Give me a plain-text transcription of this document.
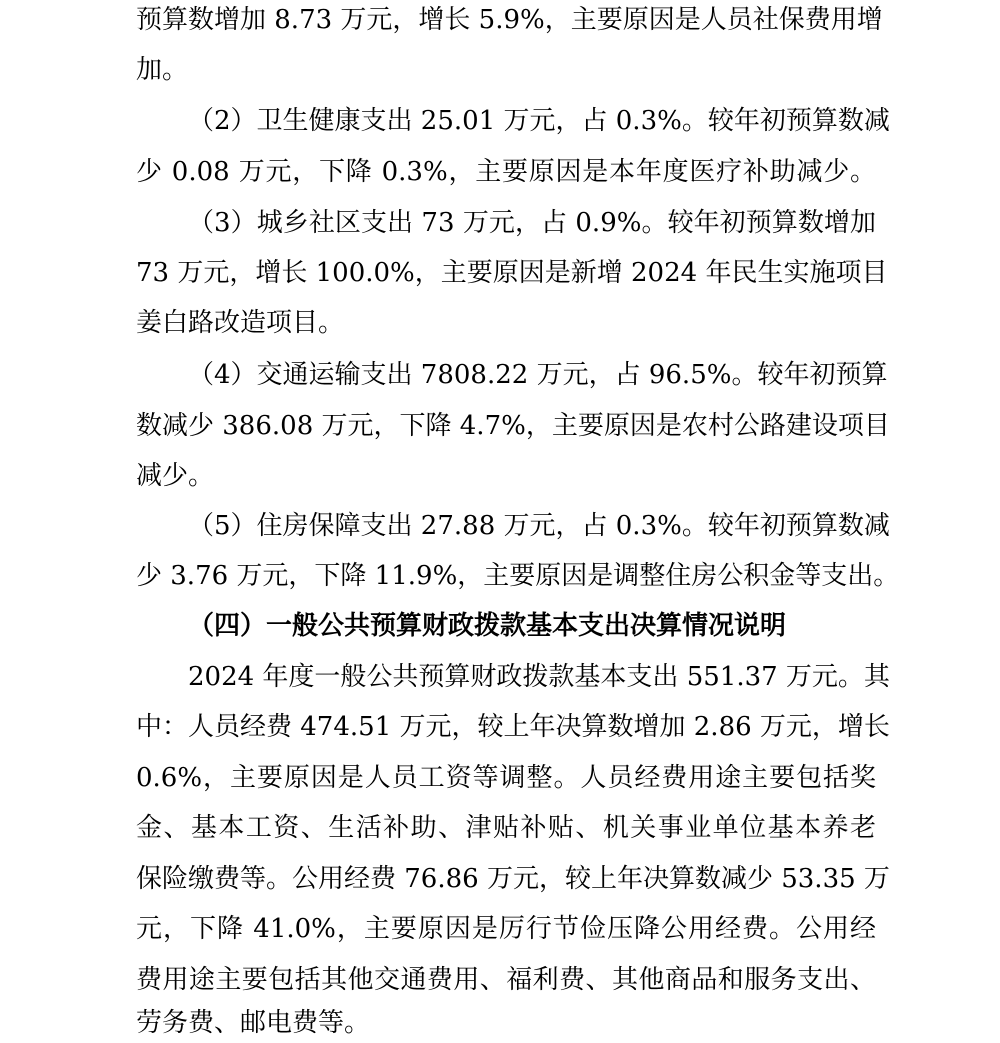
预算数增加 8.73 万元，增长 5.9%，主要原因是人员社保费用增
加。
（2）卫生健康支出 25.01 万元，占 0.3%。较年初预算数减
少 0.08 万元，下降 0.3%，主要原因是本年度医疗补助减少。
（3）城乡社区支出 73 万元，占 0.9%。较年初预算数增加
73 万元，增长 100.0%，主要原因是新增 2024 年民生实施项目
姜白路改造项目。
（4）交通运输支出 7808.22 万元，占 96.5%。较年初预算
数减少 386.08 万元，下降 4.7%，主要原因是农村公路建设项目
减少。
（5）住房保障支出 27.88 万元，占 0.3%。较年初预算数减
少 3.76 万元，下降 11.9%，主要原因是调整住房公积金等支出。
（四）一般公共预算财政拨款基本支出决算情况说明
2024 年度一般公共预算财政拨款基本支出 551.37 万元。其
中：人员经费 474.51 万元，较上年决算数增加 2.86 万元，增长
0.6%，主要原因是人员工资等调整。人员经费用途主要包括奖
金、基本工资、生活补助、津贴补贴、机关事业单位基本养老
保险缴费等。公用经费 76.86 万元，较上年决算数减少 53.35 万
元，下降 41.0%，主要原因是厉行节俭压降公用经费。公用经
费用途主要包括其他交通费用、福利费、其他商品和服务支出、
劳务费、邮电费等。
